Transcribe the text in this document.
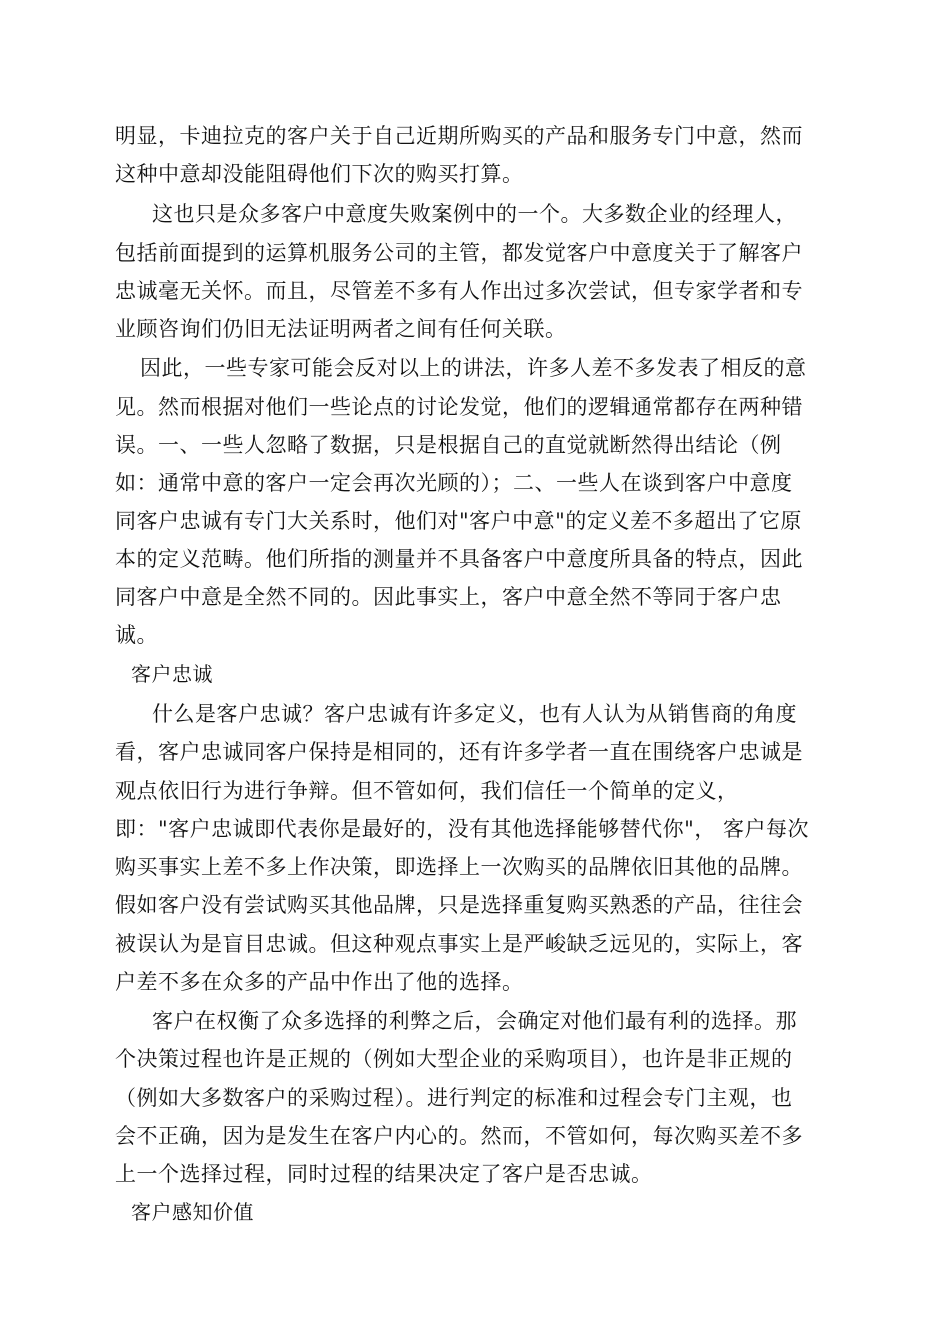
明显，卡迪拉克的客户关于自己近期所购买的产品和服务专门中意，然而
这种中意却没能阻碍他们下次的购买打算。
这也只是众多客户中意度失败案例中的一个。大多数企业的经理人，
包括前面提到的运算机服务公司的主管，都发觉客户中意度关于了解客户
忠诚毫无关怀。而且，尽管差不多有人作出过多次尝试，但专家学者和专
业顾咨询们仍旧无法证明两者之间有任何关联。
因此，一些专家可能会反对以上的讲法，许多人差不多发表了相反的意
见。然而根据对他们一些论点的讨论发觉，他们的逻辑通常都存在两种错
误。一、一些人忽略了数据，只是根据自己的直觉就断然得出结论（例
如：通常中意的客户一定会再次光顾的）；二、一些人在谈到客户中意度
同客户忠诚有专门大关系时，他们对"客户中意"的定义差不多超出了它原
本的定义范畴。他们所指的测量并不具备客户中意度所具备的特点，因此
同客户中意是全然不同的。因此事实上，客户中意全然不等同于客户忠
诚。
客户忠诚
什么是客户忠诚？客户忠诚有许多定义，也有人认为从销售商的角度
看，客户忠诚同客户保持是相同的，还有许多学者一直在围绕客户忠诚是
观点依旧行为进行争辩。但不管如何，我们信任一个简单的定义，
即："客户忠诚即代表你是最好的，没有其他选择能够替代你"， 客户每次
购买事实上差不多上作决策，即选择上一次购买的品牌依旧其他的品牌。
假如客户没有尝试购买其他品牌，只是选择重复购买熟悉的产品，往往会
被误认为是盲目忠诚。但这种观点事实上是严峻缺乏远见的，实际上，客
户差不多在众多的产品中作出了他的选择。
客户在权衡了众多选择的利弊之后，会确定对他们最有利的选择。那
个决策过程也许是正规的（例如大型企业的采购项目），也许是非正规的
（例如大多数客户的采购过程）。进行判定的标准和过程会专门主观，也
会不正确，因为是发生在客户内心的。然而，不管如何，每次购买差不多
上一个选择过程，同时过程的结果决定了客户是否忠诚。
客户感知价值
